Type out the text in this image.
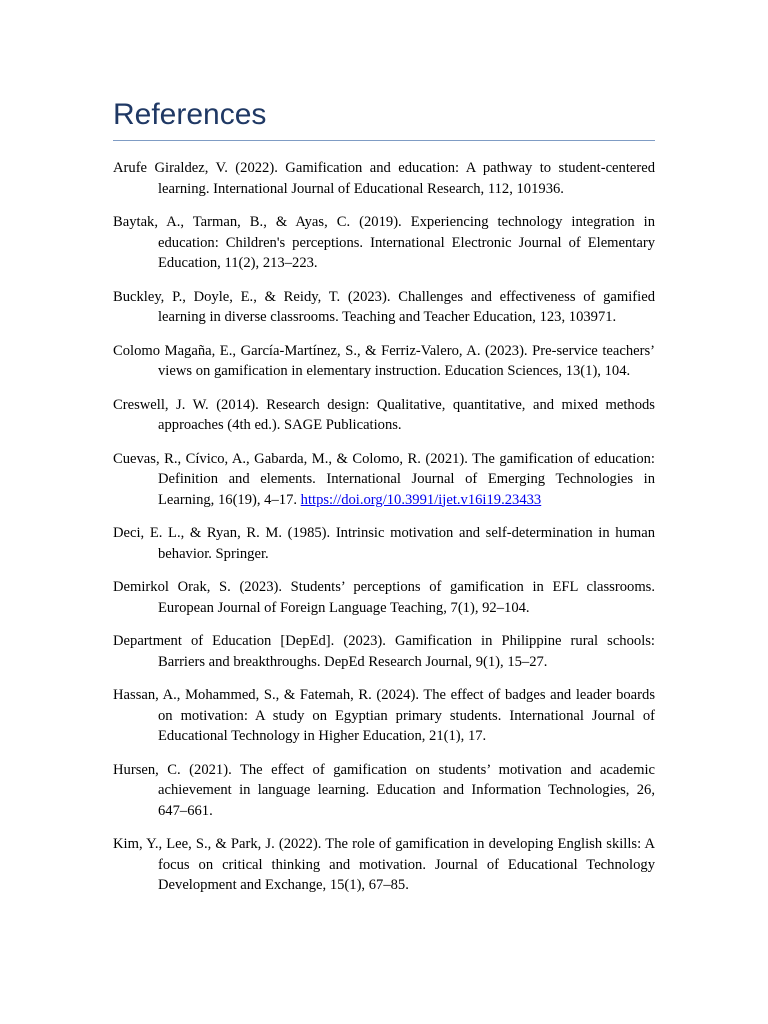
References
Arufe Giraldez, V. (2022). Gamification and education: A pathway to student-centered learning. International Journal of Educational Research, 112, 101936.
Baytak, A., Tarman, B., & Ayas, C. (2019). Experiencing technology integration in education: Children's perceptions. International Electronic Journal of Elementary Education, 11(2), 213–223.
Buckley, P., Doyle, E., & Reidy, T. (2023). Challenges and effectiveness of gamified learning in diverse classrooms. Teaching and Teacher Education, 123, 103971.
Colomo Magaña, E., García-Martínez, S., & Ferriz-Valero, A. (2023). Pre-service teachers’ views on gamification in elementary instruction. Education Sciences, 13(1), 104.
Creswell, J. W. (2014). Research design: Qualitative, quantitative, and mixed methods approaches (4th ed.). SAGE Publications.
Cuevas, R., Cívico, A., Gabarda, M., & Colomo, R. (2021). The gamification of education: Definition and elements. International Journal of Emerging Technologies in Learning, 16(19), 4–17. https://doi.org/10.3991/ijet.v16i19.23433
Deci, E. L., & Ryan, R. M. (1985). Intrinsic motivation and self-determination in human behavior. Springer.
Demirkol Orak, S. (2023). Students’ perceptions of gamification in EFL classrooms. European Journal of Foreign Language Teaching, 7(1), 92–104.
Department of Education [DepEd]. (2023). Gamification in Philippine rural schools: Barriers and breakthroughs. DepEd Research Journal, 9(1), 15–27.
Hassan, A., Mohammed, S., & Fatemah, R. (2024). The effect of badges and leader boards on motivation: A study on Egyptian primary students. International Journal of Educational Technology in Higher Education, 21(1), 17.
Hursen, C. (2021). The effect of gamification on students’ motivation and academic achievement in language learning. Education and Information Technologies, 26, 647–661.
Kim, Y., Lee, S., & Park, J. (2022). The role of gamification in developing English skills: A focus on critical thinking and motivation. Journal of Educational Technology Development and Exchange, 15(1), 67–85.
